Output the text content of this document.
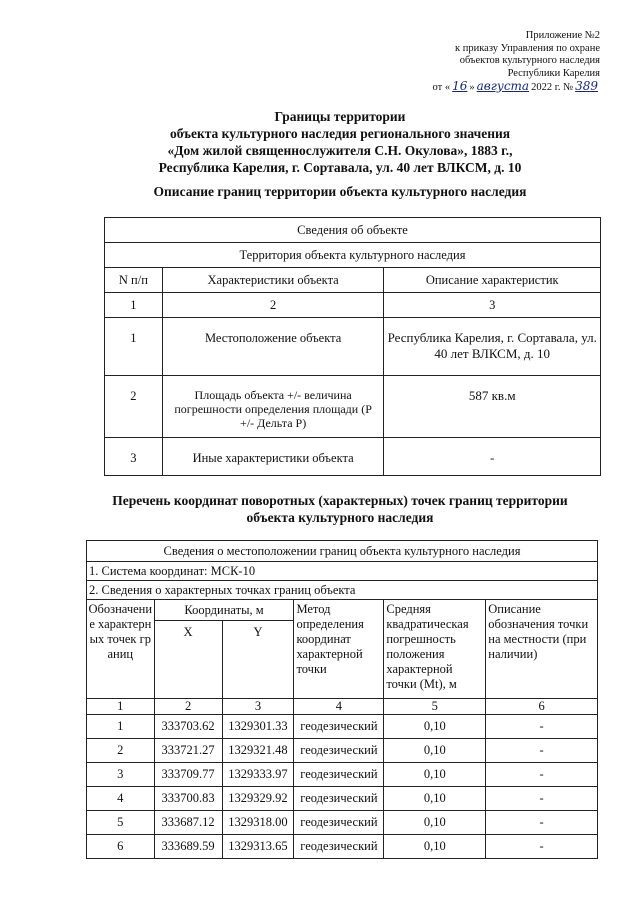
Приложение №2
к приказу Управления по охране
объектов культурного наследия
Республики Карелия
от « 16 » августа 2022 г. № 389
Границы территории
объекта культурного наследия регионального значения
«Дом жилой священнослужителя С.Н. Окулова», 1883 г.,
Республика Карелия, г. Сортавала, ул. 40 лет ВЛКСМ, д. 10
Описание границ территории объекта культурного наследия
Сведения об объекте		
Территория объекта культурного наследия		
N п/п	Характеристики объекта	Описание характеристик
1	2	3
1	Местоположение объекта	Республика Карелия, г. Сортавала, ул. 40 лет ВЛКСМ, д. 10
2	Площадь объекта +/- величина погрешности определения площади (Р +/- Дельта Р)	587 кв.м
3	Иные характеристики объекта	-
Перечень координат поворотных (характерных) точек границ территории
объекта культурного наследия
Сведения о местоположении границ объекта культурного наследия					
1. Система координат: МСК-10					
2. Сведения о характерных точках границ объекта					
Обозначение характерных точек границ	Координаты, м		Метод определения координат характерной точки	Средняя квадратическая погрешность положения характерной точки (Mt), м	Описание обозначения точки на местности (при наличии)
	X	Y			
1	2	3	4	5	6
1	333703.62	1329301.33	геодезический	0,10	-
2	333721.27	1329321.48	геодезический	0,10	-
3	333709.77	1329333.97	геодезический	0,10	-
4	333700.83	1329329.92	геодезический	0,10	-
5	333687.12	1329318.00	геодезический	0,10	-
6	333689.59	1329313.65	геодезический	0,10	-
